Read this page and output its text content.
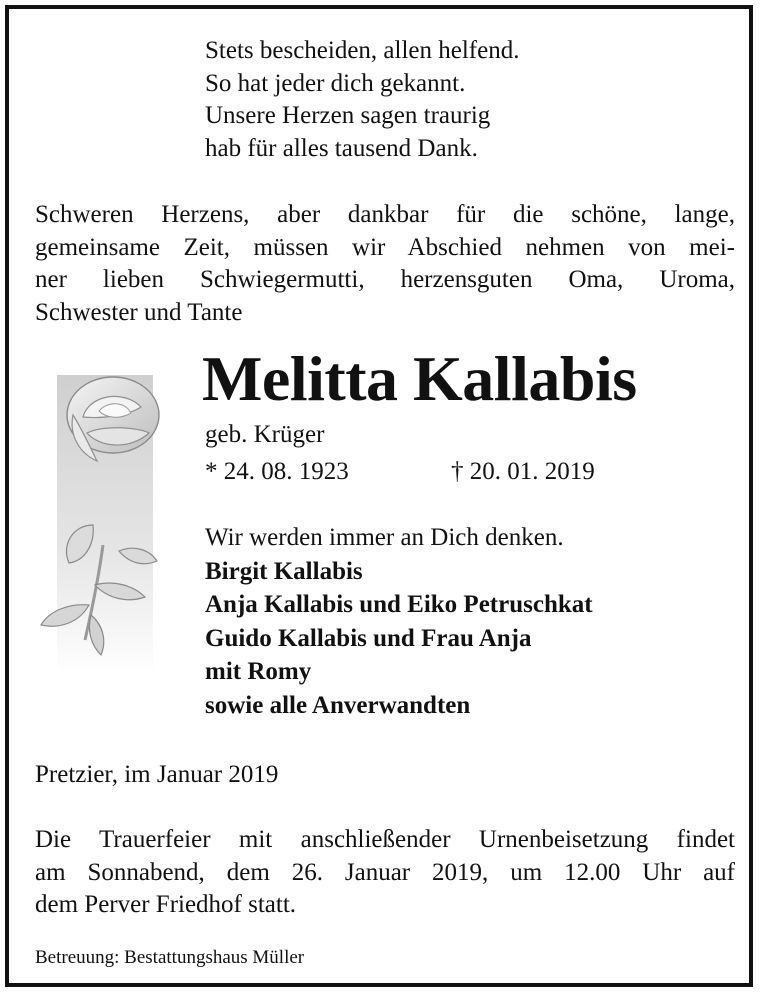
Stets bescheiden, allen helfend.
So hat jeder dich gekannt.
Unsere Herzen sagen traurig
hab für alles tausend Dank.
Schweren Herzens, aber dankbar für die schöne, lange,
gemeinsame Zeit, müssen wir Abschied nehmen von mei-
ner lieben Schwiegermutti, herzensguten Oma, Uroma,
Schwester und Tante
Melitta Kallabis
geb. Krüger
* 24. 08. 1923	† 20. 01. 2019
Wir werden immer an Dich denken.
Birgit Kallabis
Anja Kallabis und Eiko Petruschkat
Guido Kallabis und Frau Anja
mit Romy
sowie alle Anverwandten
Pretzier, im Januar 2019
Die Trauerfeier mit anschließender Urnenbeisetzung findet
am Sonnabend, dem 26. Januar 2019, um 12.00 Uhr auf
dem Perver Friedhof statt.
Betreuung: Bestattungshaus Müller
